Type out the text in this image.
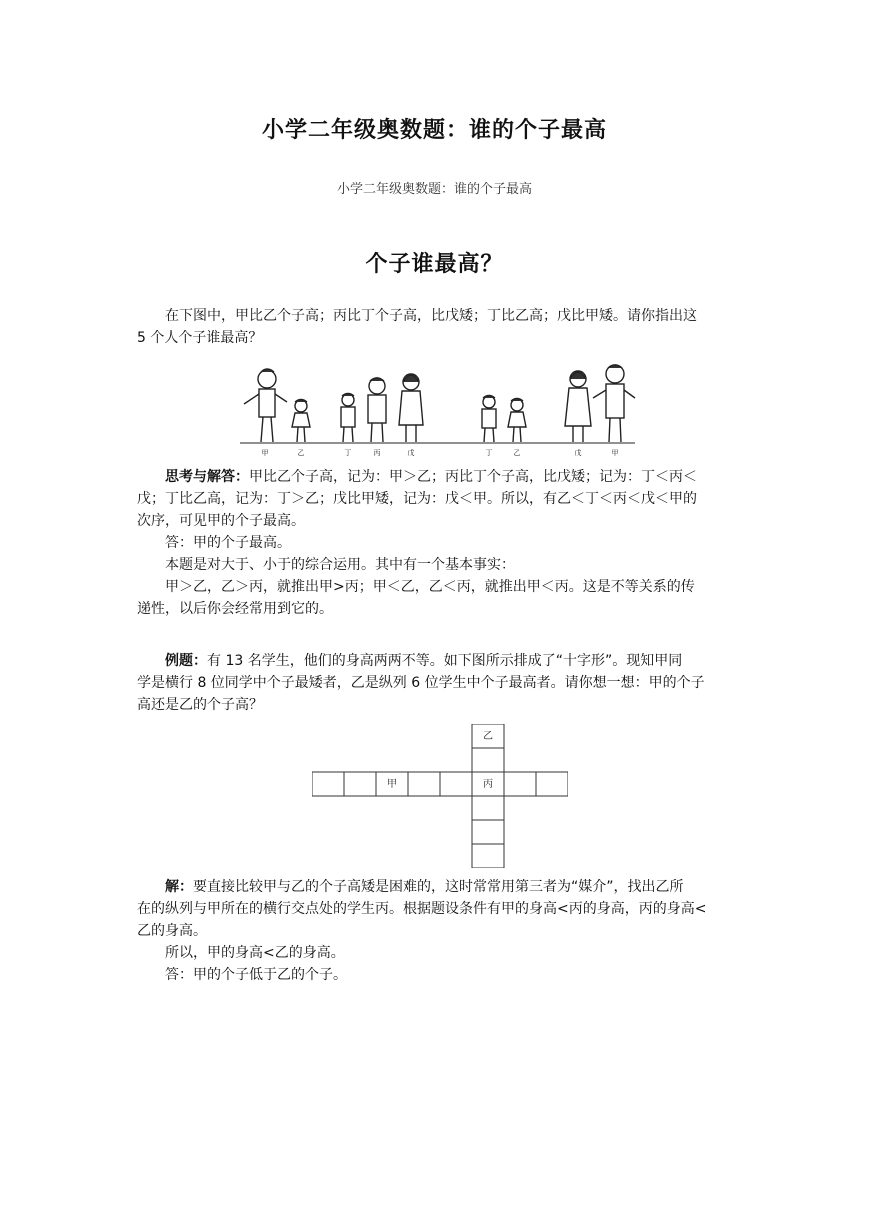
小学二年级奥数题：谁的个子最高
小学二年级奥数题：谁的个子最高
个子谁最高？

在下图中，甲比乙个子高；丙比丁个子高，比戊矮；丁比乙高；戊比甲矮。请你指出这

5 个人个子谁最高？

甲	乙	丁	丙	戊	丁	乙	戊	甲

思考与解答：甲比乙个子高，记为：甲＞乙；丙比丁个子高，比戊矮；记为：丁＜丙＜

戊；丁比乙高，记为：丁＞乙；戊比甲矮，记为：戊＜甲。所以，有乙＜丁＜丙＜戊＜甲的

次序，可见甲的个子最高。

答：甲的个子最高。

本题是对大于、小于的综合运用。其中有一个基本事实：

甲＞乙，乙＞丙，就推出甲>丙；甲＜乙，乙＜丙，就推出甲＜丙。这是不等关系的传

递性，以后你会经常用到它的。

例题：有 13 名学生，他们的身高两两不等。如下图所示排成了“十字形”。现知甲同

学是横行 8 位同学中个子最矮者，乙是纵列 6 位学生中个子最高者。请你想一想：甲的个子

高还是乙的个子高？

乙
甲	丙

解：要直接比较甲与乙的个子高矮是困难的，这时常常用第三者为“媒介”，找出乙所

在的纵列与甲所在的横行交点处的学生丙。根据题设条件有甲的身高<丙的身高，丙的身高<

乙的身高。

所以，甲的身高<乙的身高。

答：甲的个子低于乙的个子。
